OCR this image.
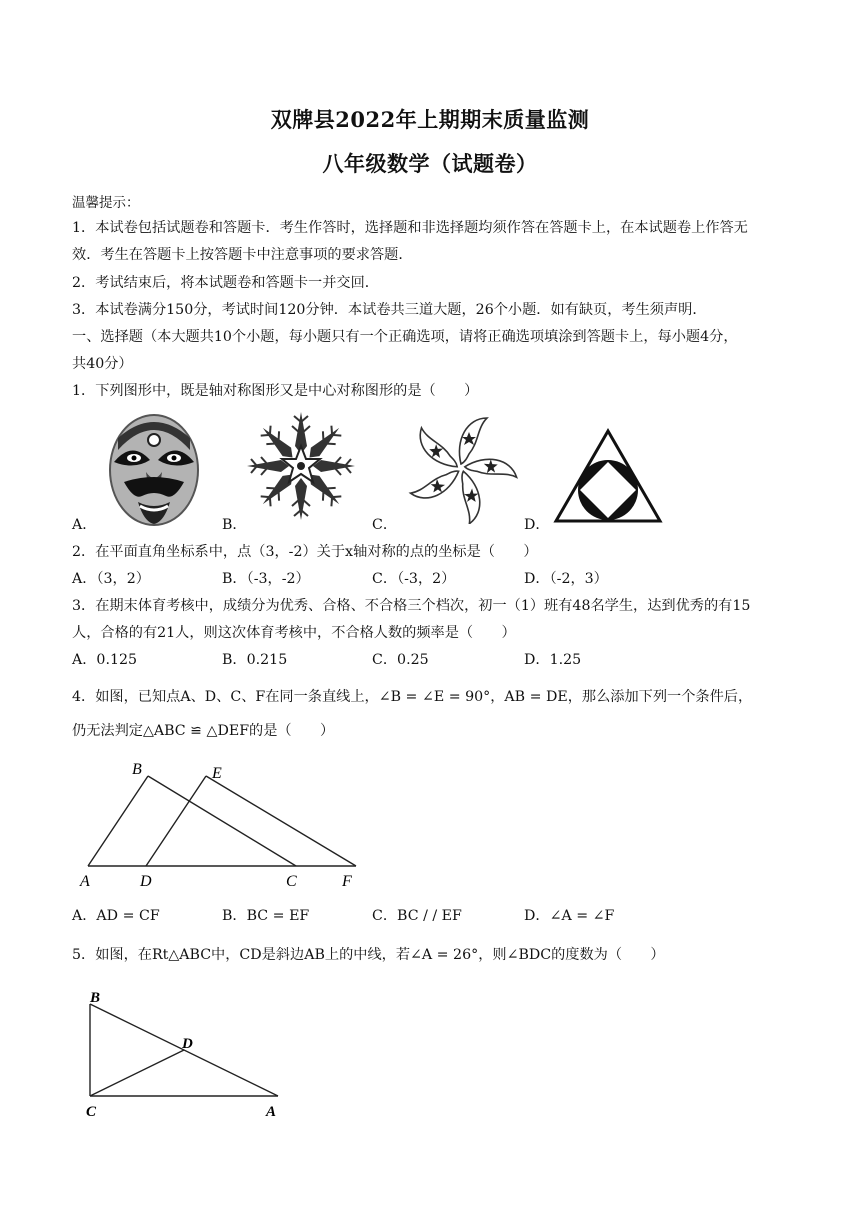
双牌县2022年上期期末质量监测
八年级数学（试题卷）
温馨提示：
1．本试卷包括试题卷和答题卡．考生作答时，选择题和非选择题均须作答在答题卡上，在本试题卷上作答无
效．考生在答题卡上按答题卡中注意事项的要求答题．
2．考试结束后，将本试题卷和答题卡一并交回．
3．本试卷满分150分，考试时间120分钟．本试卷共三道大题，26个小题．如有缺页，考生须声明．
一、选择题（本大题共10个小题，每小题只有一个正确选项，请将正确选项填涂到答题卡上，每小题4分，
共40分）
1．下列图形中，既是轴对称图形又是中心对称图形的是（　　）
A．	B．	C．	D．
2．在平面直角坐标系中，点（3，-2）关于x轴对称的点的坐标是（　　）
A．（3，2）	B．（-3，-2）	C．（-3，2）	D．（-2，3）
3．在期末体育考核中，成绩分为优秀、合格、不合格三个档次，初一（1）班有48名学生，达到优秀的有15
人，合格的有21人，则这次体育考核中，不合格人数的频率是（　　）
A．0.125	B．0.215	C．0.25	D．1.25
4．如图，已知点A、D、C、F在同一条直线上，∠B = ∠E = 90°，AB = DE，那么添加下列一个条件后，
仍无法判定△ABC ≌ △DEF的是（　　）
B	E
A	D	C	F
A．AD = CF	B．BC = EF	C．BC / / EF	D．∠A = ∠F
5．如图，在Rt△ABC中，CD是斜边AB上的中线，若∠A = 26°，则∠BDC的度数为（　　）
B
D
C	A
